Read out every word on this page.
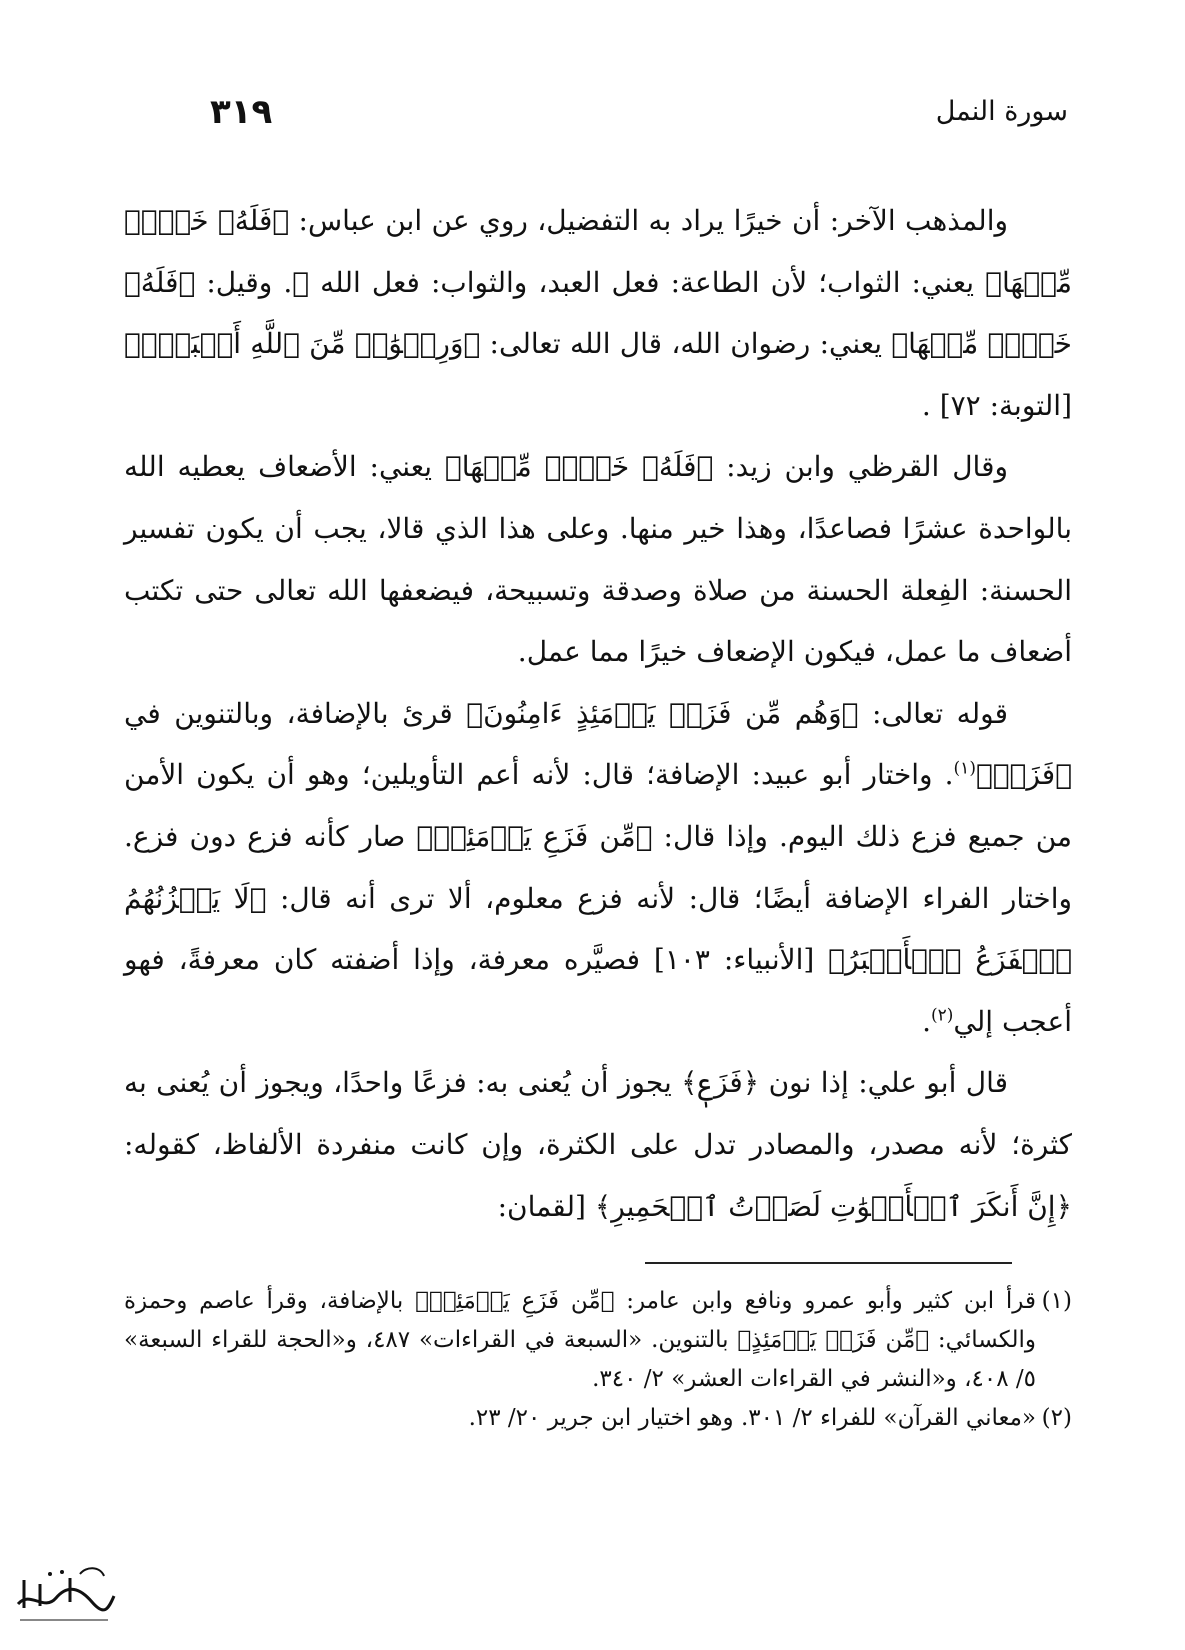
سورة النمل
٣١٩

والمذهب الآخر: أن خيرًا يراد به التفضيل، روي عن ابن عباس: ﴿فَلَهُۥ خَيۡرٞ مِّنۡهَا﴾ يعني: الثواب؛ لأن الطاعة: فعل العبد، والثواب: فعل الله ﷻ. وقيل: ﴿فَلَهُۥ خَيۡرٞ مِّنۡهَا﴾ يعني: رضوان الله، قال الله تعالى: ﴿وَرِضۡوَٰنٞ مِّنَ ٱللَّهِ أَكۡبَرُۚ﴾ [التوبة: ٧٢] .

وقال القرظي وابن زيد: ﴿فَلَهُۥ خَيۡرٞ مِّنۡهَا﴾ يعني: الأضعاف يعطيه الله بالواحدة عشرًا فصاعدًا، وهذا خير منها. وعلى هذا الذي قالا، يجب أن يكون تفسير الحسنة: الفِعلة الحسنة من صلاة وصدقة وتسبيحة، فيضعفها الله تعالى حتى تكتب أضعاف ما عمل، فيكون الإضعاف خيرًا مما عمل.

قوله تعالى: ﴿وَهُم مِّن فَزَعٖ يَوۡمَئِذٍ ءَامِنُونَ﴾ قرئ بالإضافة، وبالتنوين في ﴿فَزَعٖ﴾$^{(١)}$. واختار أبو عبيد: الإضافة؛ قال: لأنه أعم التأويلين؛ وهو أن يكون الأمن من جميع فزع ذلك اليوم. وإذا قال: ﴿مِّن فَزَعِ يَوۡمَئِذٖ﴾ صار كأنه فزع دون فزع. واختار الفراء الإضافة أيضًا؛ قال: لأنه فزع معلوم، ألا ترى أنه قال: ﴿لَا يَحۡزُنُهُمُ ٱلۡفَزَعُ ٱلۡأَكۡبَرُ﴾ [الأنبياء: ١٠٣] فصيَّره معرفة، وإذا أضفته كان معرفةً، فهو أعجب إلي$^{(٢)}$.

قال أبو علي: إذا نون ﴿فَزَعٖ﴾ يجوز أن يُعنى به: فزعًا واحدًا، ويجوز أن يُعنى به كثرة؛ لأنه مصدر، والمصادر تدل على الكثرة، وإن كانت منفردة الألفاظ، كقوله: ﴿إِنَّ أَنكَرَ ٱلۡأَصۡوَٰتِ لَصَوۡتُ ٱلۡحَمِيرِ﴾ [لقمان:

(١)قرأ ابن كثير وأبو عمرو ونافع وابن عامر: ﴿مِّن فَزَعِ يَوۡمَئِذٖ﴾ بالإضافة، وقرأ عاصم وحمزة والكسائي: ﴿مِّن فَزَعٖ يَوۡمَئِذٍ﴾ بالتنوين. «السبعة في القراءات» ٤٨٧، و«الحجة للقراء السبعة» ٥/ ٤٠٨، و«النشر في القراءات العشر» ٢/ ٣٤٠.

(٢)«معاني القرآن» للفراء ٢/ ٣٠١. وهو اختيار ابن جرير ٢٠/ ٢٣.
